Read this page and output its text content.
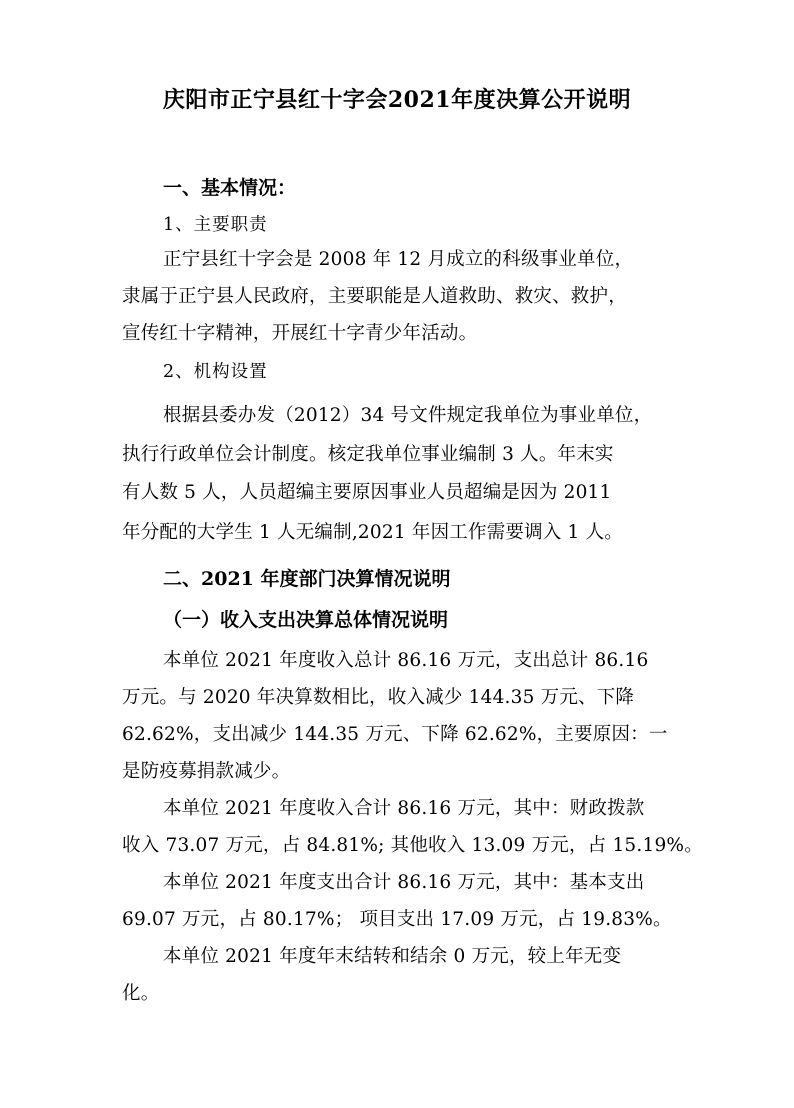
庆阳市正宁县红十字会2021年度决算公开说明
一、基本情况：
1、主要职责
正宁县红十字会是 2008 年 12 月成立的科级事业单位，
隶属于正宁县人民政府，主要职能是人道救助、救灾、救护，
宣传红十字精神，开展红十字青少年活动。
2、机构设置
根据县委办发（2012）34 号文件规定我单位为事业单位，
执行行政单位会计制度。核定我单位事业编制 3 人。年末实
有人数 5 人，人员超编主要原因事业人员超编是因为 2011
年分配的大学生 1 人无编制,2021 年因工作需要调入 1 人。
二、2021 年度部门决算情况说明
（一）收入支出决算总体情况说明
本单位 2021 年度收入总计 86.16 万元，支出总计 86.16
万元。与 2020 年决算数相比，收入减少 144.35 万元、下降
62.62%，支出减少 144.35 万元、下降 62.62%，主要原因：一
是防疫募捐款减少。
本单位 2021 年度收入合计 86.16 万元，其中：财政拨款
收入 73.07 万元，占 84.81%; 其他收入 13.09 万元，占 15.19%。
本单位 2021 年度支出合计 86.16 万元，其中：基本支出
69.07 万元，占 80.17%； 项目支出 17.09 万元，占 19.83%。
本单位 2021 年度年末结转和结余 0 万元，较上年无变
化。
